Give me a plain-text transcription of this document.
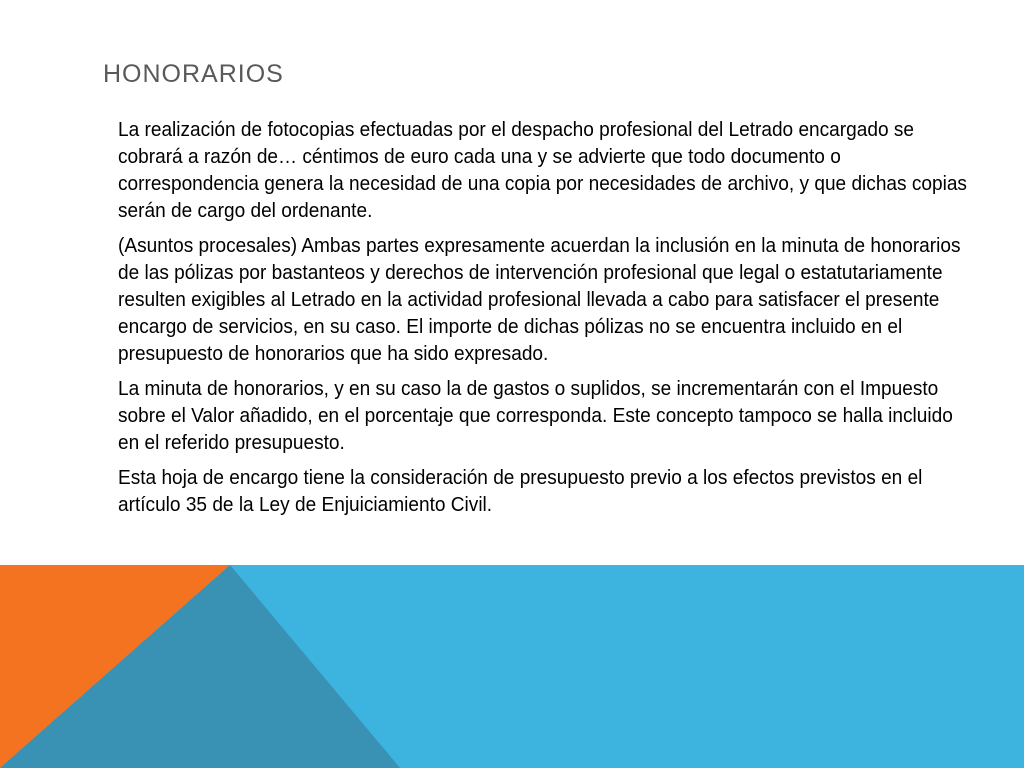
HONORARIOS

La realización de fotocopias efectuadas por el despacho profesional del Letrado encargado se cobrará a razón de… céntimos de euro cada una y se advierte que todo documento o correspondencia genera la necesidad de una copia por necesidades de archivo, y que dichas copias serán de cargo del ordenante.

(Asuntos procesales) Ambas partes expresamente acuerdan la inclusión en la minuta de honorarios de las pólizas por bastanteos y derechos de intervención profesional que legal o estatutariamente resulten exigibles al Letrado en la actividad profesional llevada a cabo para satisfacer el presente encargo de servicios, en su caso. El importe de dichas pólizas no se encuentra incluido en el presupuesto de honorarios que ha sido expresado.

La minuta de honorarios, y en su caso la de gastos o suplidos, se incrementarán con el Impuesto sobre el Valor añadido, en el porcentaje que corresponda. Este concepto tampoco se halla incluido en el referido presupuesto.

Esta hoja de encargo tiene la consideración de presupuesto previo a los efectos previstos en el artículo 35 de la Ley de Enjuiciamiento Civil.
